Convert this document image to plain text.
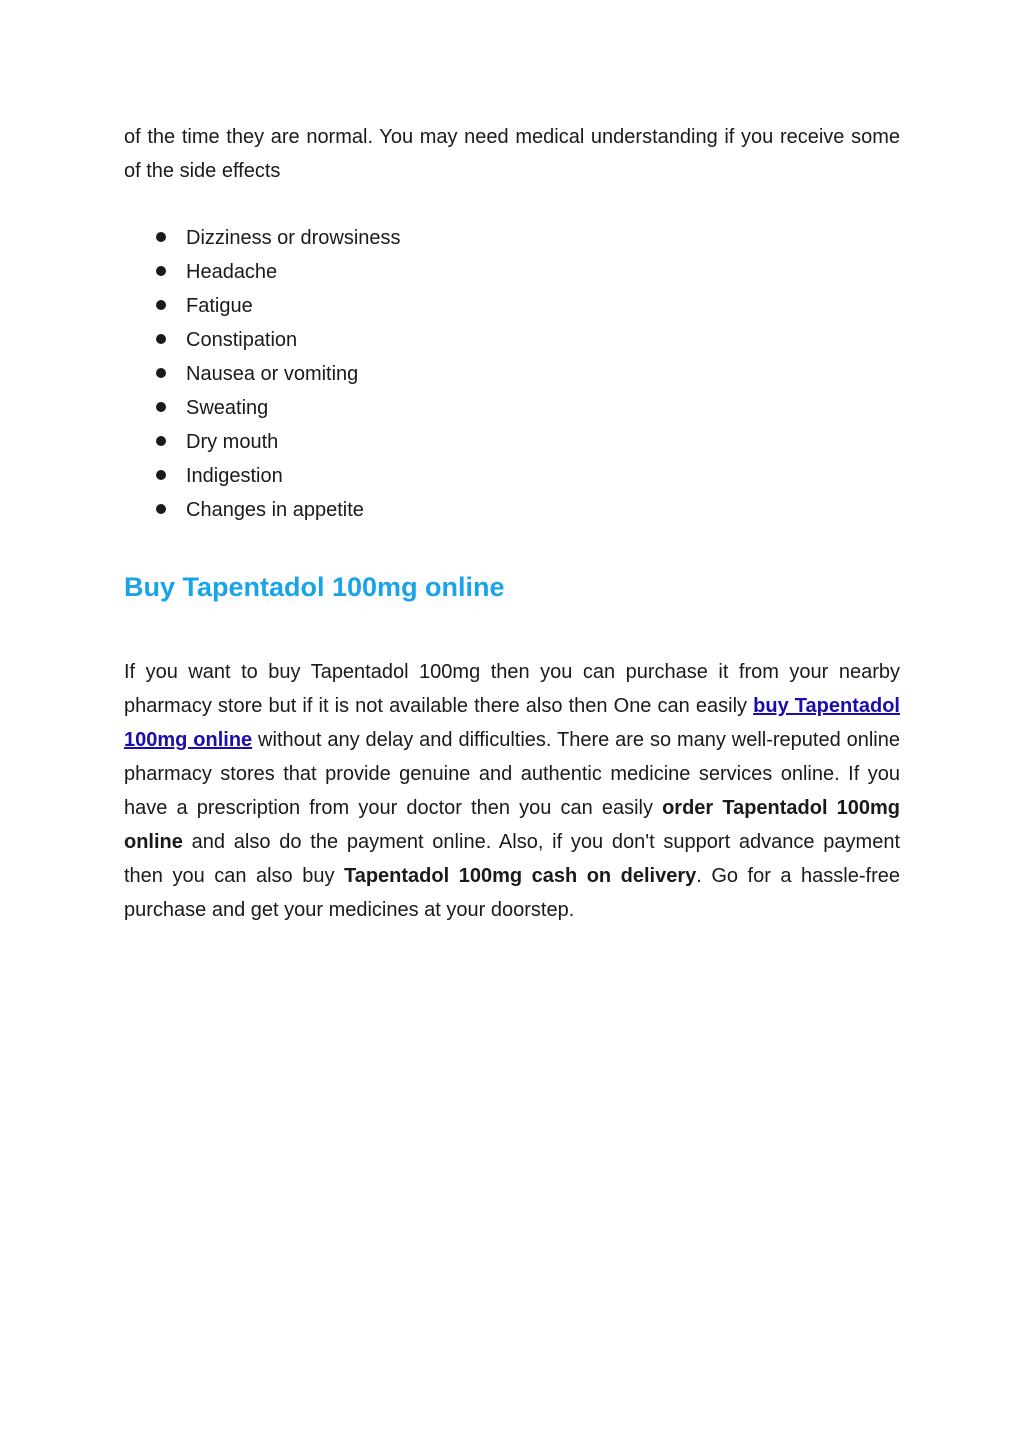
of the time they are normal. You may need medical understanding if you receive some of the side effects

Dizziness or drowsiness
Headache
Fatigue
Constipation
Nausea or vomiting
Sweating
Dry mouth
Indigestion
Changes in appetite
Buy Tapentadol 100mg online

If you want to buy Tapentadol 100mg then you can purchase it from your nearby pharmacy store but if it is not available there also then One can easily buy Tapentadol 100mg online without any delay and difficulties. There are so many well-reputed online pharmacy stores that provide genuine and authentic medicine services online. If you have a prescription from your doctor then you can easily order Tapentadol 100mg online and also do the payment online. Also, if you don't support advance payment then you can also buy Tapentadol 100mg cash on delivery. Go for a hassle-free purchase and get your medicines at your doorstep.
